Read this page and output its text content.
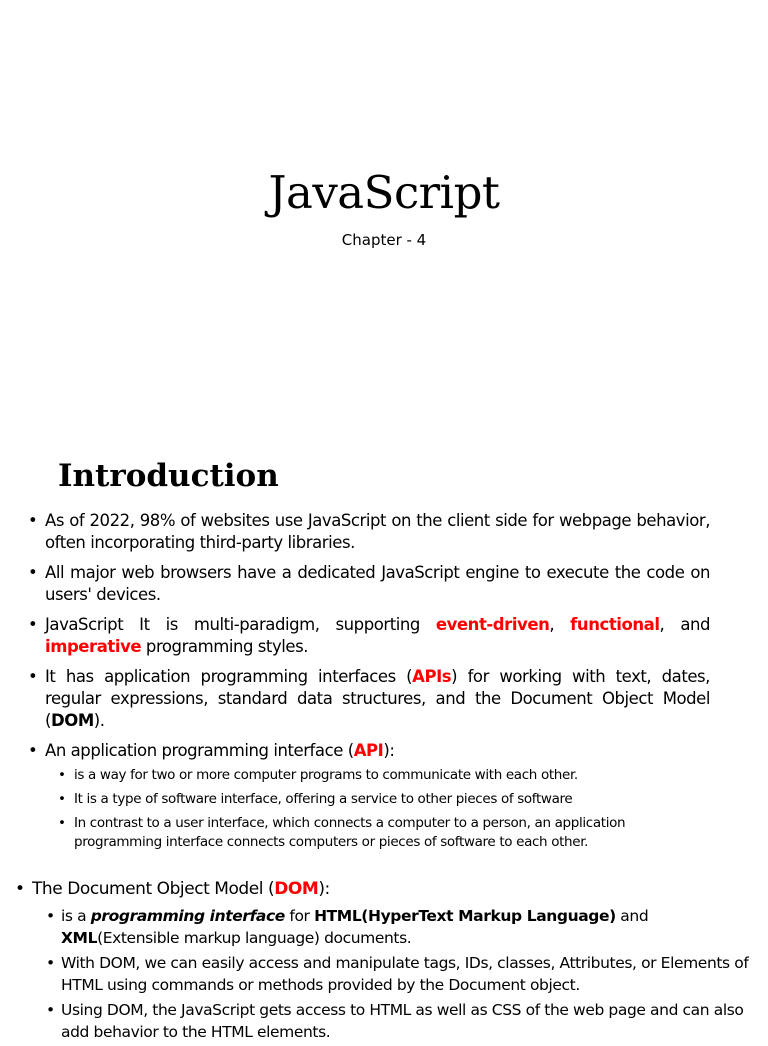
JavaScript
Chapter - 4
Introduction
• As of 2022, 98% of websites use JavaScript on the client side for webpage behavior, often incorporating third-party libraries.
• All major web browsers have a dedicated JavaScript engine to execute the code on users' devices.
• JavaScript It is multi-paradigm, supporting event-driven, functional, and imperative programming styles.
• It has application programming interfaces (APIs) for working with text, dates, regular expressions, standard data structures, and the Document Object Model (DOM).
• An application programming interface (API):
• is a way for two or more computer programs to communicate with each other.
• It is a type of software interface, offering a service to other pieces of software
• In contrast to a user interface, which connects a computer to a person, an application programming interface connects computers or pieces of software to each other.
• The Document Object Model (DOM):
• is a programming interface for HTML(HyperText Markup Language) and XML(Extensible markup language) documents.
• With DOM, we can easily access and manipulate tags, IDs, classes, Attributes, or Elements of HTML using commands or methods provided by the Document object.
• Using DOM, the JavaScript gets access to HTML as well as CSS of the web page and can also add behavior to the HTML elements.
